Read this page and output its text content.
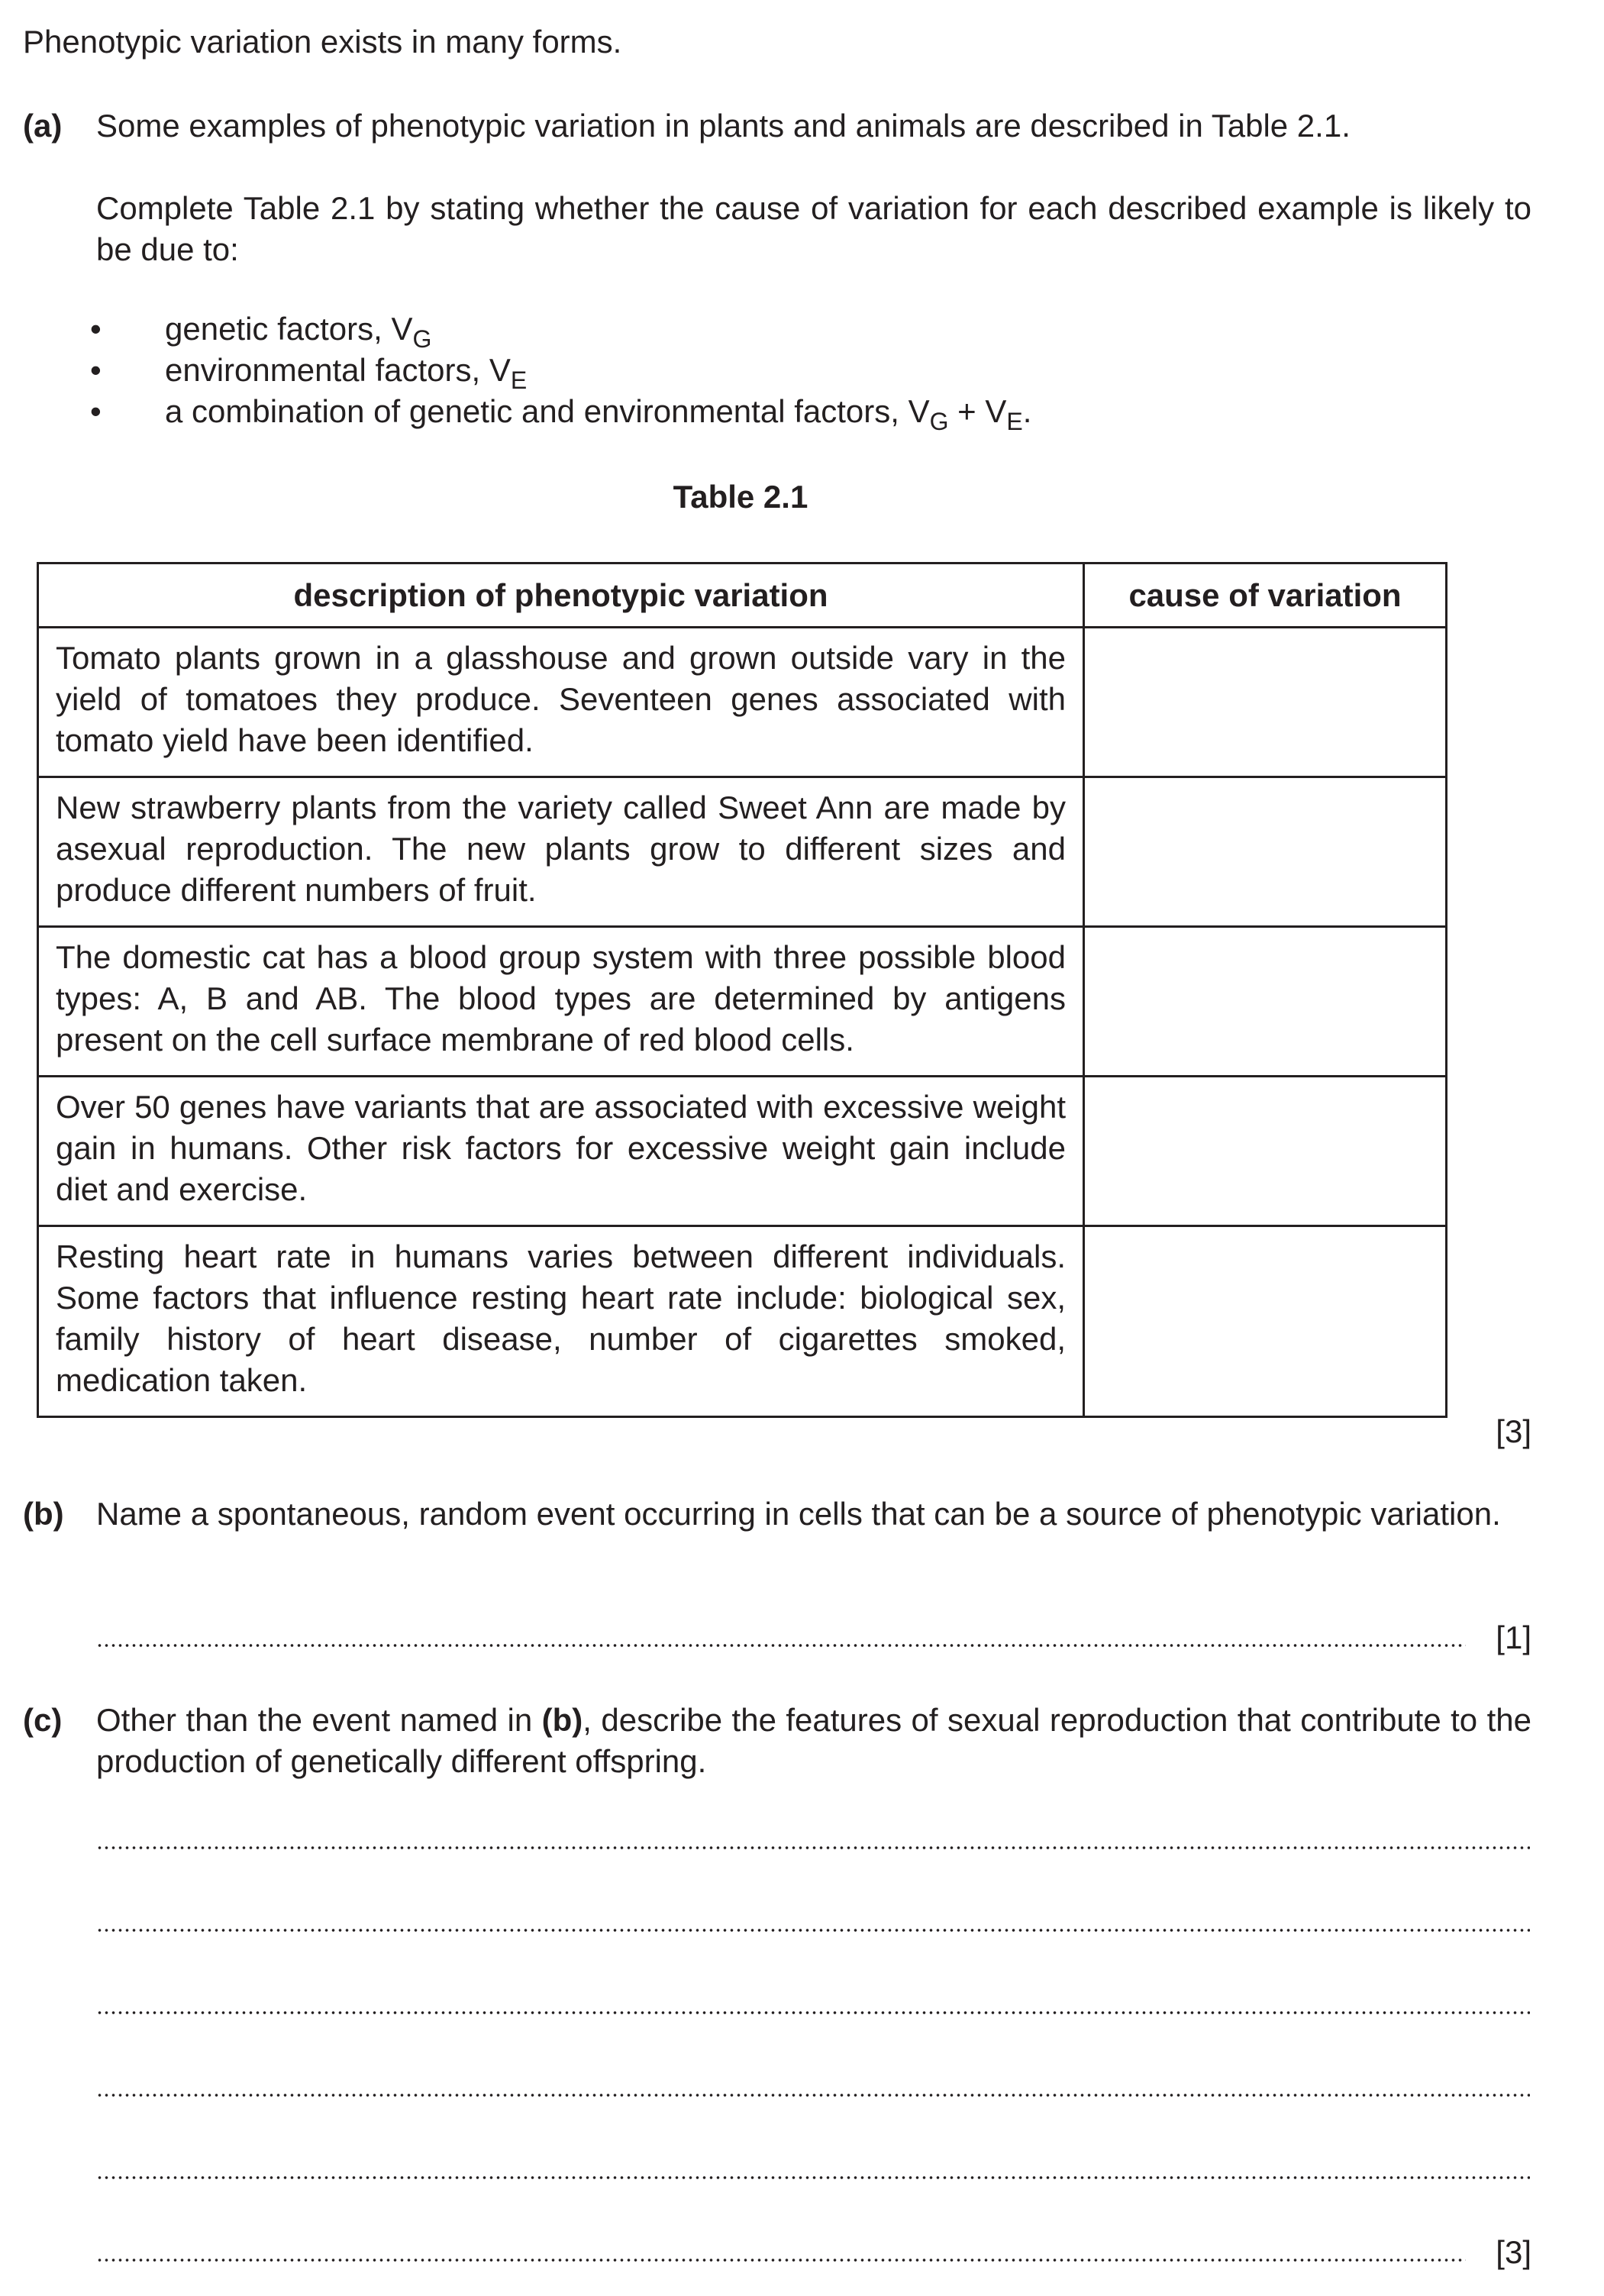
Phenotypic variation exists in many forms.
(a) Some examples of phenotypic variation in plants and animals are described in Table 2.1.
Complete Table 2.1 by stating whether the cause of variation for each described example is likely to be due to:
• genetic factors, $V_G$
• environmental factors, $V_E$
• a combination of genetic and environmental factors, $V_G + V_E$.
Table 2.1
description of phenotypic variation	cause of variation
Tomato plants grown in a glasshouse and grown outside vary in the yield of tomatoes they produce. Seventeen genes associated with tomato yield have been identified.	
New strawberry plants from the variety called Sweet Ann are made by asexual reproduction. The new plants grow to different sizes and produce different numbers of fruit.	
The domestic cat has a blood group system with three possible blood types: A, B and AB. The blood types are determined by antigens present on the cell surface membrane of red blood cells.	
Over 50 genes have variants that are associated with excessive weight gain in humans. Other risk factors for excessive weight gain include diet and exercise.	
Resting heart rate in humans varies between different individuals. Some factors that influence resting heart rate include: biological sex, family history of heart disease, number of cigarettes smoked, medication taken.	
[3]
(b) Name a spontaneous, random event occurring in cells that can be a source of phenotypic variation.
[1]
(c) Other than the event named in (b), describe the features of sexual reproduction that contribute to the production of genetically different offspring.
[3]
